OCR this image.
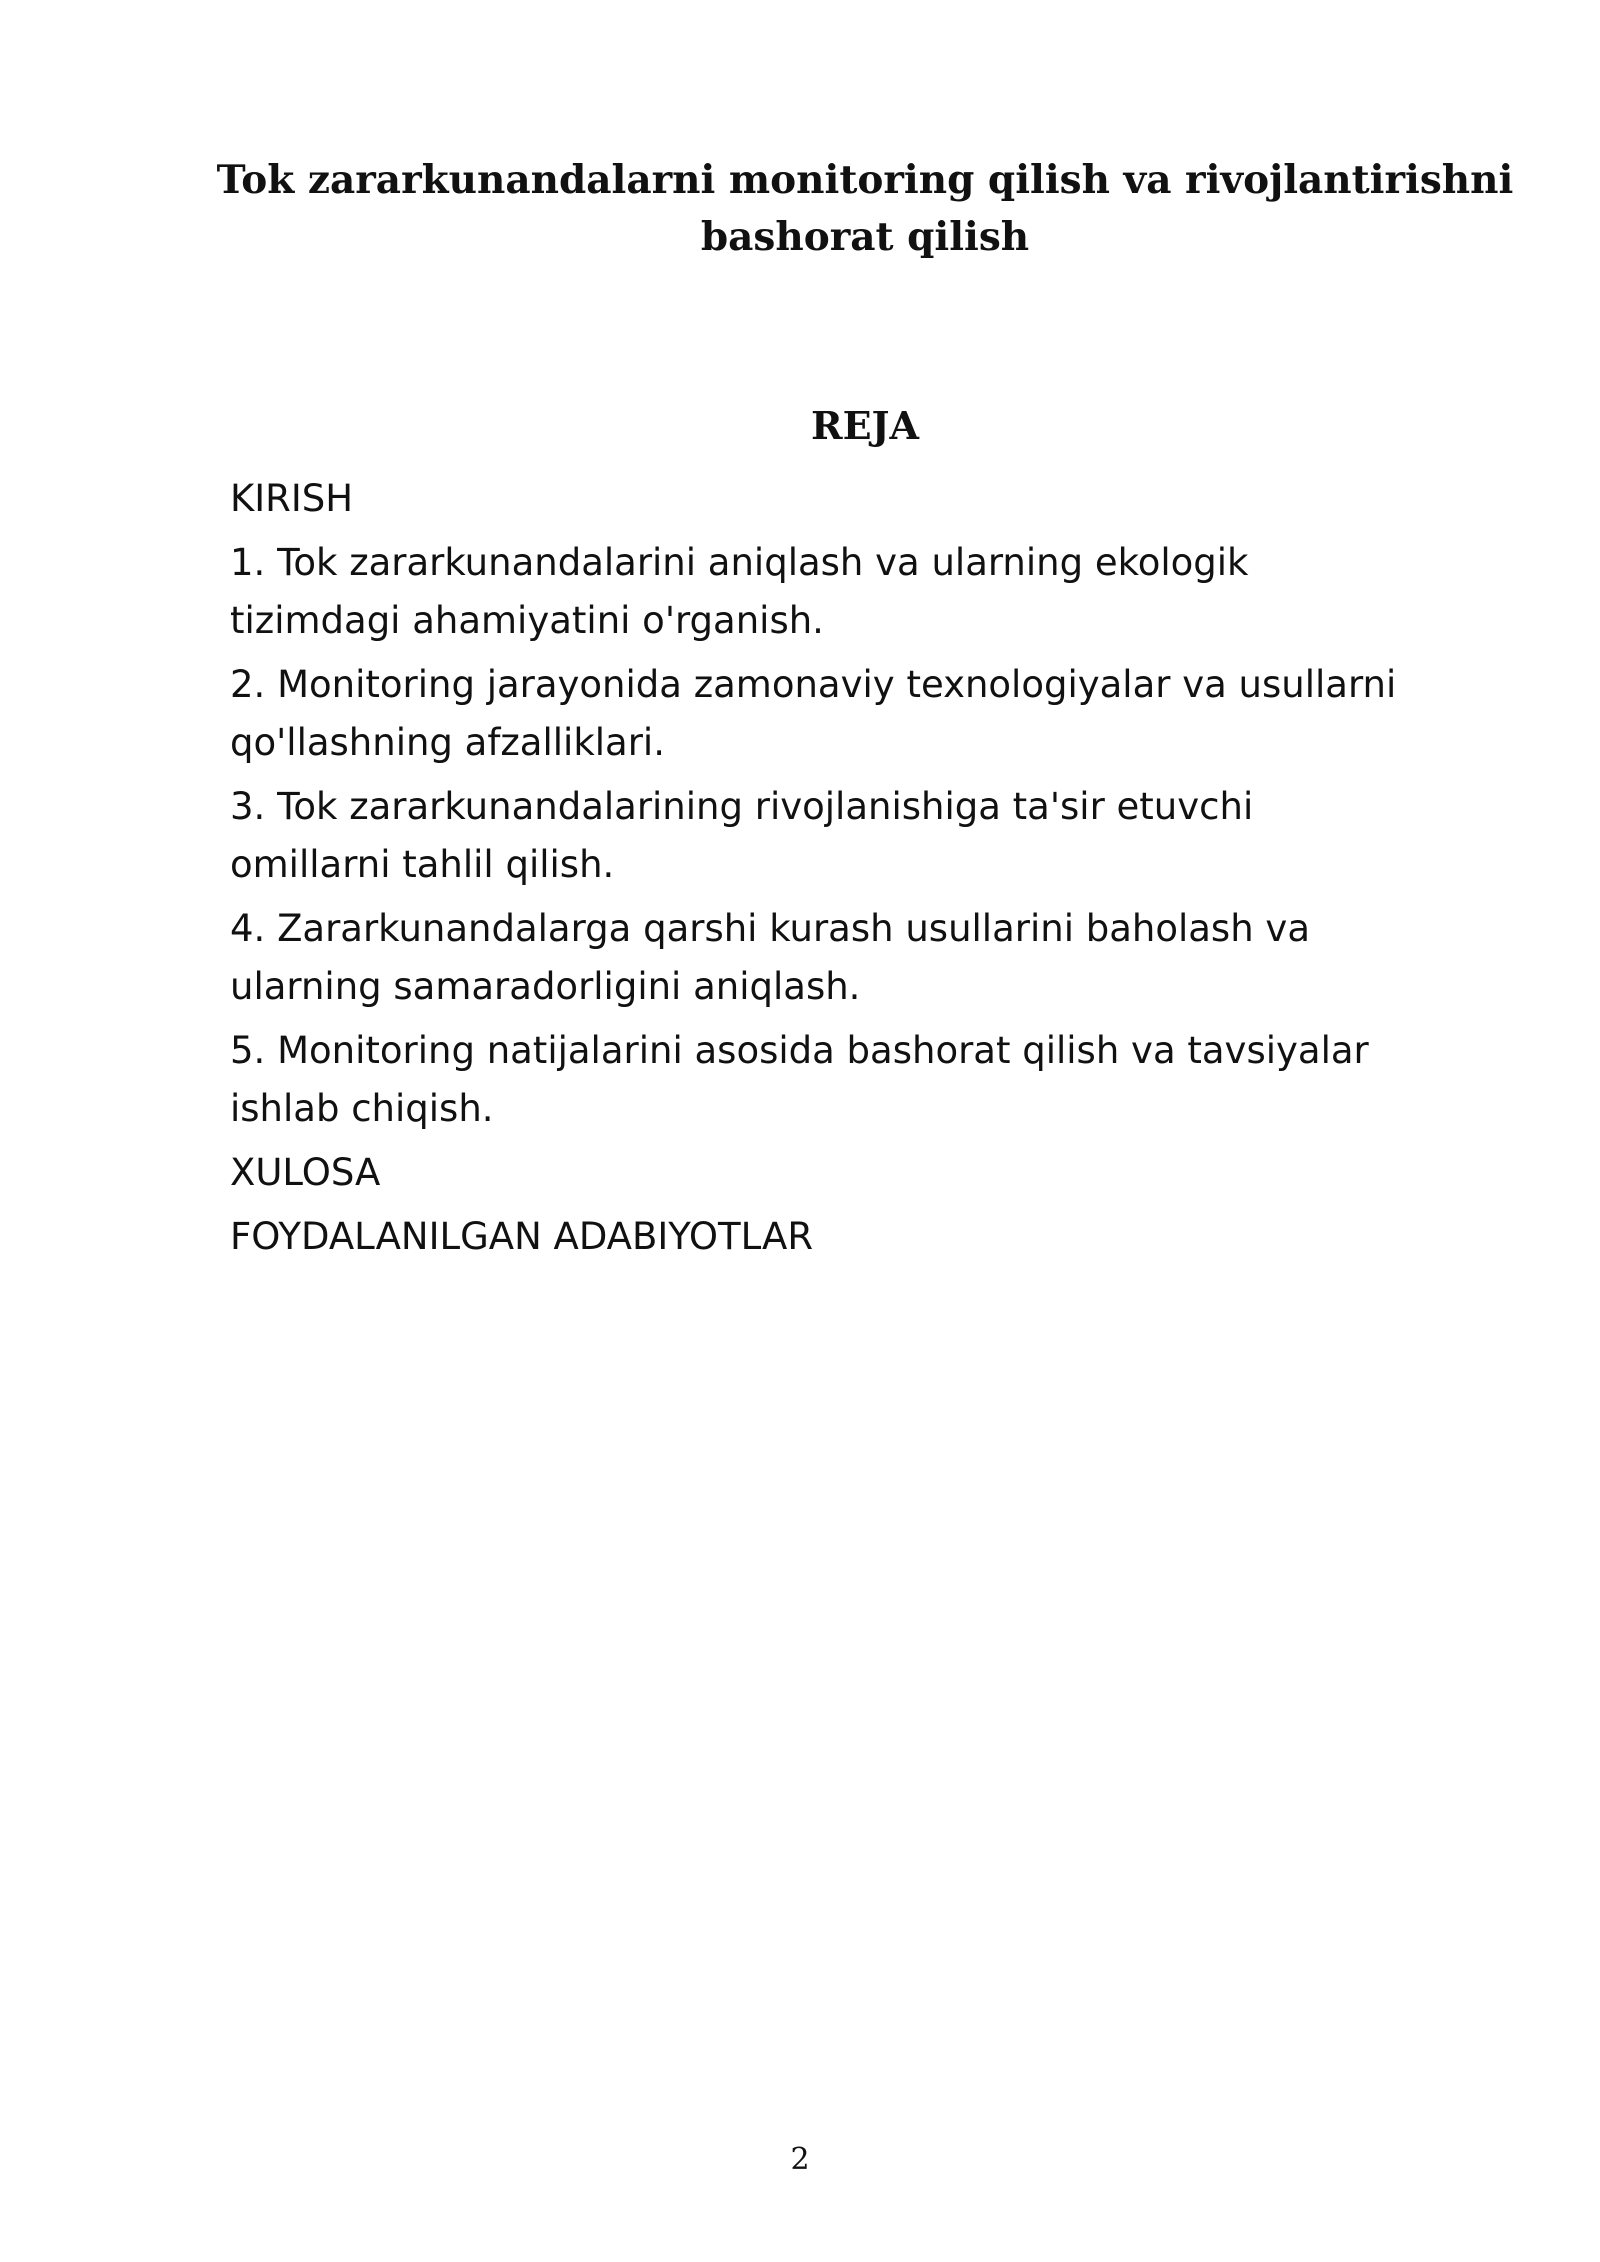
Tok zararkunandalarni monitoring qilish va rivojlantirishni
bashorat qilish
REJA
KIRISH
1. Tok zararkunandalarini aniqlash va ularning ekologik
tizimdagi ahamiyatini o'rganish.
2. Monitoring jarayonida zamonaviy texnologiyalar va usullarni
qo'llashning afzalliklari.
3. Tok zararkunandalarining rivojlanishiga ta'sir etuvchi
omillarni tahlil qilish.
4. Zararkunandalarga qarshi kurash usullarini baholash va
ularning samaradorligini aniqlash.
5. Monitoring natijalarini asosida bashorat qilish va tavsiyalar
ishlab chiqish.
XULOSA
FOYDALANILGAN ADABIYOTLAR
2
